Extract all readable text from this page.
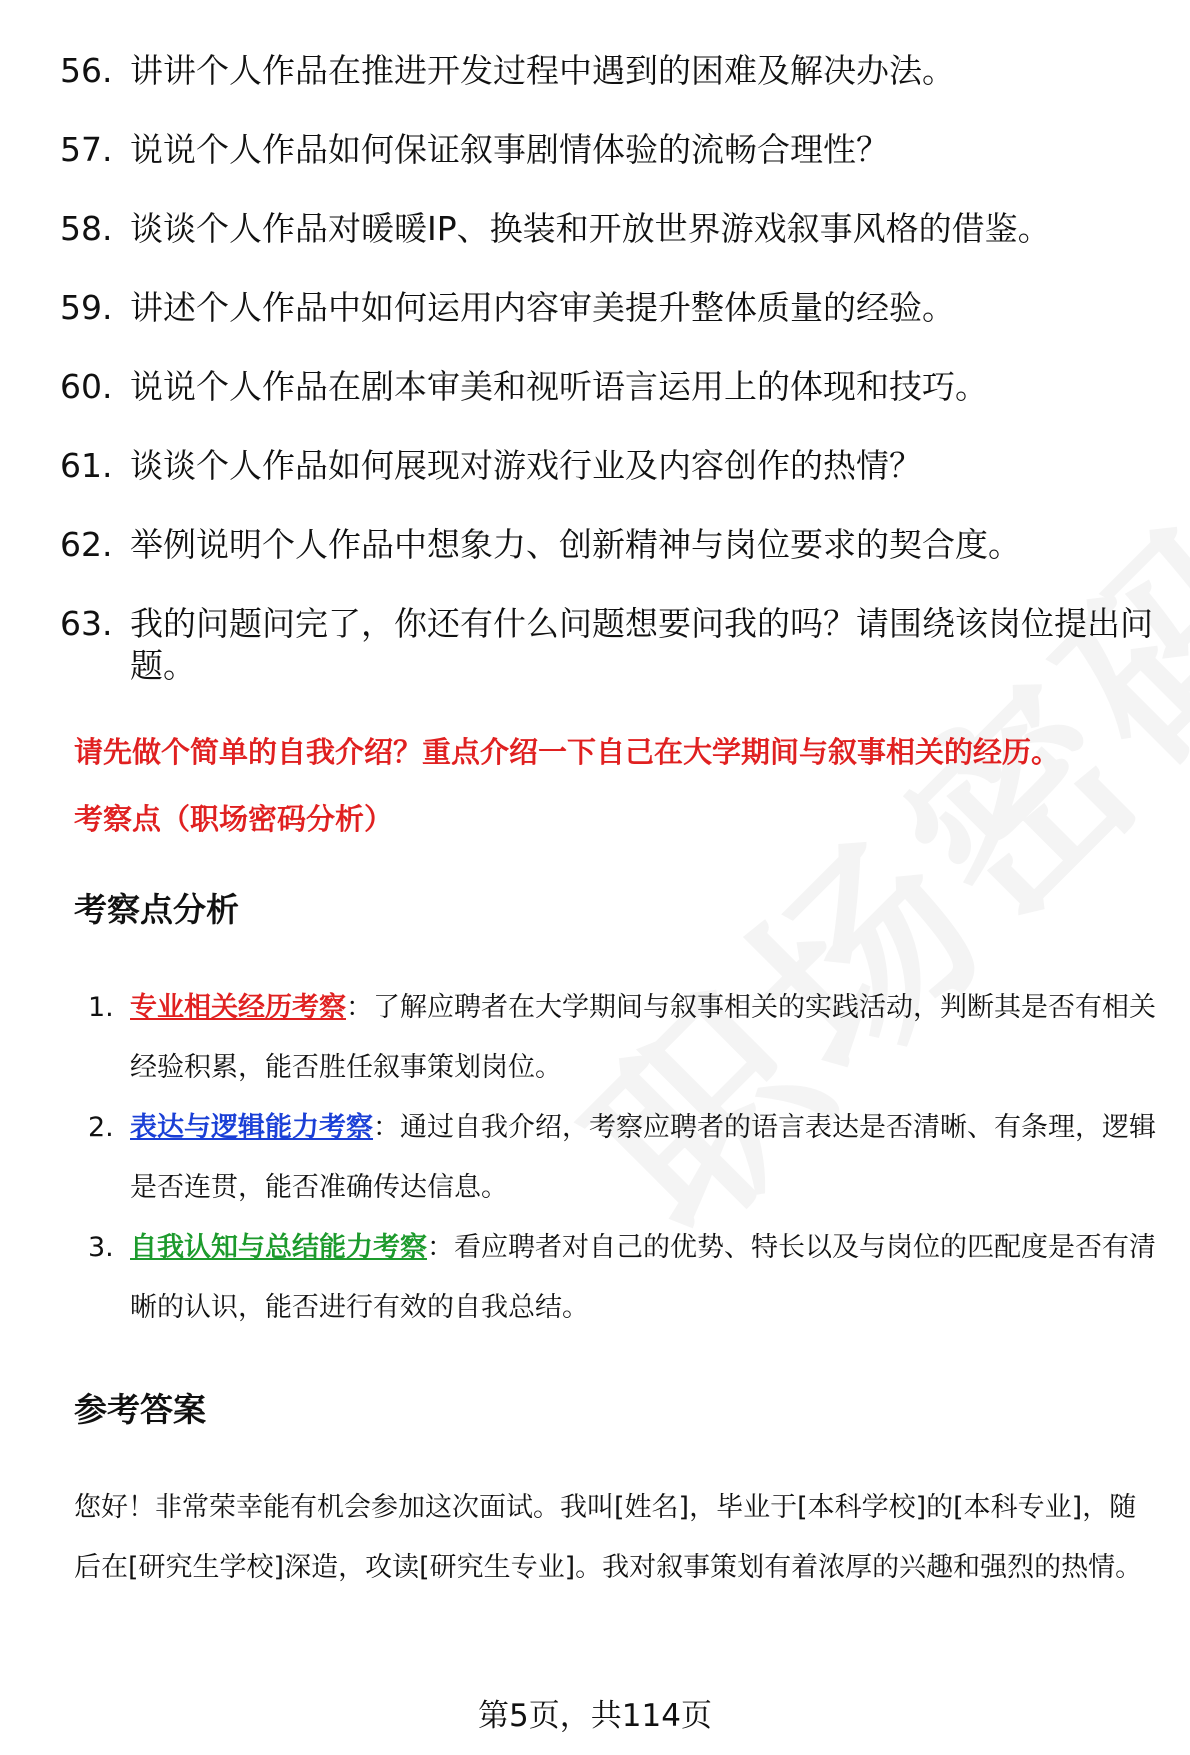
56. 讲讲个人作品在推进开发过程中遇到的困难及解决办法。
57. 说说个人作品如何保证叙事剧情体验的流畅合理性？
58. 谈谈个人作品对暖暖IP、换装和开放世界游戏叙事风格的借鉴。
59. 讲述个人作品中如何运用内容审美提升整体质量的经验。
60. 说说个人作品在剧本审美和视听语言运用上的体现和技巧。
61. 谈谈个人作品如何展现对游戏行业及内容创作的热情？
62. 举例说明个人作品中想象力、创新精神与岗位要求的契合度。
63. 我的问题问完了，你还有什么问题想要问我的吗？请围绕该岗位提出问题。
请先做个简单的自我介绍？重点介绍一下自己在大学期间与叙事相关的经历。
考察点（职场密码分析）
考察点分析
1. 专业相关经历考察：了解应聘者在大学期间与叙事相关的实践活动，判断其是否有相关经验积累，能否胜任叙事策划岗位。
2. 表达与逻辑能力考察：通过自我介绍，考察应聘者的语言表达是否清晰、有条理，逻辑是否连贯，能否准确传达信息。
3. 自我认知与总结能力考察：看应聘者对自己的优势、特长以及与岗位的匹配度是否有清晰的认识，能否进行有效的自我总结。
参考答案
您好！非常荣幸能有机会参加这次面试。我叫[姓名]，毕业于[本科学校]的[本科专业]，随后在[研究生学校]深造，攻读[研究生专业]。我对叙事策划有着浓厚的兴趣和强烈的热情。
第5页，共114页
